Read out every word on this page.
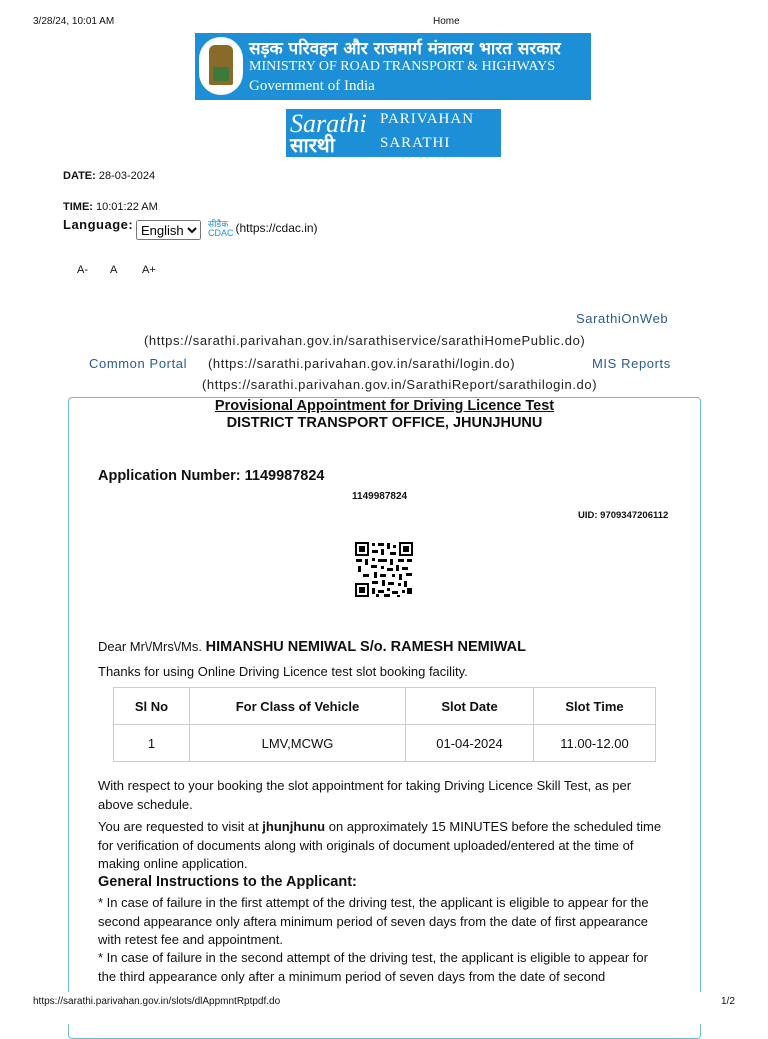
3/28/24, 10:01 AM	Home
सड़क परिवहन और राजमार्ग मंत्रालय भारत सरकार
MINISTRY OF ROAD TRANSPORT & HIGHWAYS
Government of India
Sarathi
सारथी
PARIVAHAN
SARATHI
DATE: 28-03-2024
TIME: 10:01:22 AM
Language:
English	सीडैक
CDAC (https://cdac.in)
A- A A+
SarathiOnWeb
(https://sarathi.parivahan.gov.in/sarathiservice/sarathiHomePublic.do)
Common Portal (https://sarathi.parivahan.gov.in/sarathi/login.do)	MIS Reports
(https://sarathi.parivahan.gov.in/SarathiReport/sarathilogin.do)
Provisional Appointment for Driving Licence Test
DISTRICT TRANSPORT OFFICE, JHUNJHUNU
Application Number: 1149987824
1149987824
UID: 9709347206112
Dear Mr\/Mrs\/Ms. HIMANSHU NEMIWAL S/o. RAMESH NEMIWAL
Thanks for using Online Driving Licence test slot booking facility.
Sl No	For Class of Vehicle	Slot Date	Slot Time
1	LMV,MCWG	01-04-2024	11.00-12.00
With respect to your booking the slot appointment for taking Driving Licence Skill Test, as per above schedule.
You are requested to visit at jhunjhunu on approximately 15 MINUTES before the scheduled time for verification of documents along with originals of document uploaded/entered at the time of making online application.
General Instructions to the Applicant:
* In case of failure in the first attempt of the driving test, the applicant is eligible to appear for the second appearance only aftera minimum period of seven days from the date of first appearance with retest fee and appointment.
* In case of failure in the second attempt of the driving test, the applicant is eligible to appear for the third appearance only after a minimum period of seven days from the date of second
https://sarathi.parivahan.gov.in/slots/dlAppmntRptpdf.do	1/2
